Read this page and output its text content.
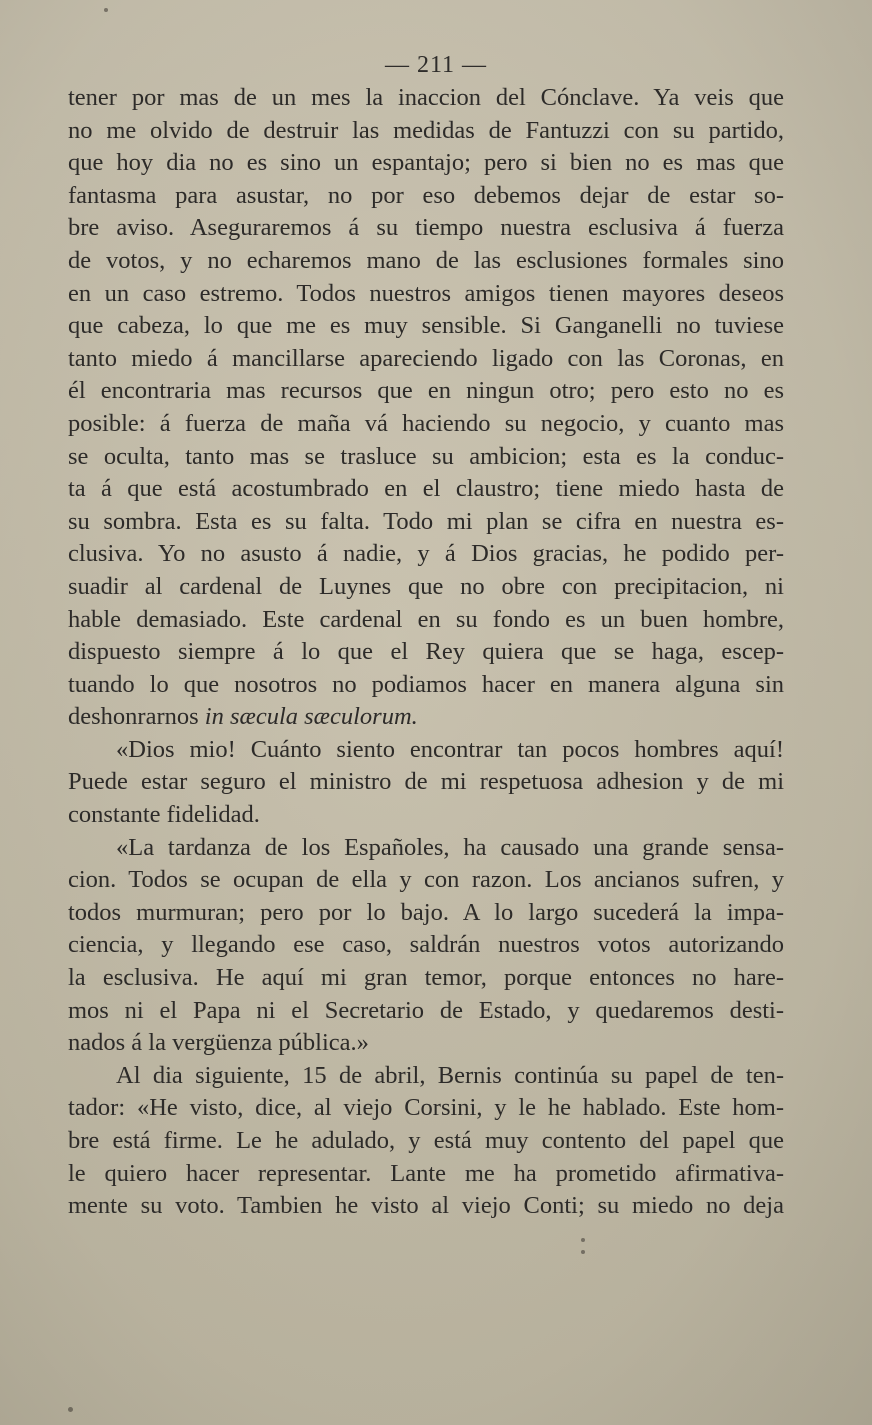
— 211 —
tener por mas de un mes la inaccion del Cónclave. Ya veis que
no me olvido de destruir las medidas de Fantuzzi con su partido,
que hoy dia no es sino un espantajo; pero si bien no es mas que
fantasma para asustar, no por eso debemos dejar de estar so-
bre aviso. Aseguraremos á su tiempo nuestra esclusiva á fuerza
de votos, y no echaremos mano de las esclusiones formales sino
en un caso estremo. Todos nuestros amigos tienen mayores deseos
que cabeza, lo que me es muy sensible. Si Ganganelli no tuviese
tanto miedo á mancillarse apareciendo ligado con las Coronas, en
él encontraria mas recursos que en ningun otro; pero esto no es
posible: á fuerza de maña vá haciendo su negocio, y cuanto mas
se oculta, tanto mas se trasluce su ambicion; esta es la conduc-
ta á que está acostumbrado en el claustro; tiene miedo hasta de
su sombra. Esta es su falta. Todo mi plan se cifra en nuestra es-
clusiva. Yo no asusto á nadie, y á Dios gracias, he podido per-
suadir al cardenal de Luynes que no obre con precipitacion, ni
hable demasiado. Este cardenal en su fondo es un buen hombre,
dispuesto siempre á lo que el Rey quiera que se haga, escep-
tuando lo que nosotros no podiamos hacer en manera alguna sin
deshonrarnos in sæcula sæculorum.
«Dios mio! Cuánto siento encontrar tan pocos hombres aquí!
Puede estar seguro el ministro de mi respetuosa adhesion y de mi
constante fidelidad.
«La tardanza de los Españoles, ha causado una grande sensa-
cion. Todos se ocupan de ella y con razon. Los ancianos sufren, y
todos murmuran; pero por lo bajo. A lo largo sucederá la impa-
ciencia, y llegando ese caso, saldrán nuestros votos autorizando
la esclusiva. He aquí mi gran temor, porque entonces no hare-
mos ni el Papa ni el Secretario de Estado, y quedaremos desti-
nados á la vergüenza pública.»
Al dia siguiente, 15 de abril, Bernis continúa su papel de ten-
tador: «He visto, dice, al viejo Corsini, y le he hablado. Este hom-
bre está firme. Le he adulado, y está muy contento del papel que
le quiero hacer representar. Lante me ha prometido afirmativa-
mente su voto. Tambien he visto al viejo Conti; su miedo no deja
